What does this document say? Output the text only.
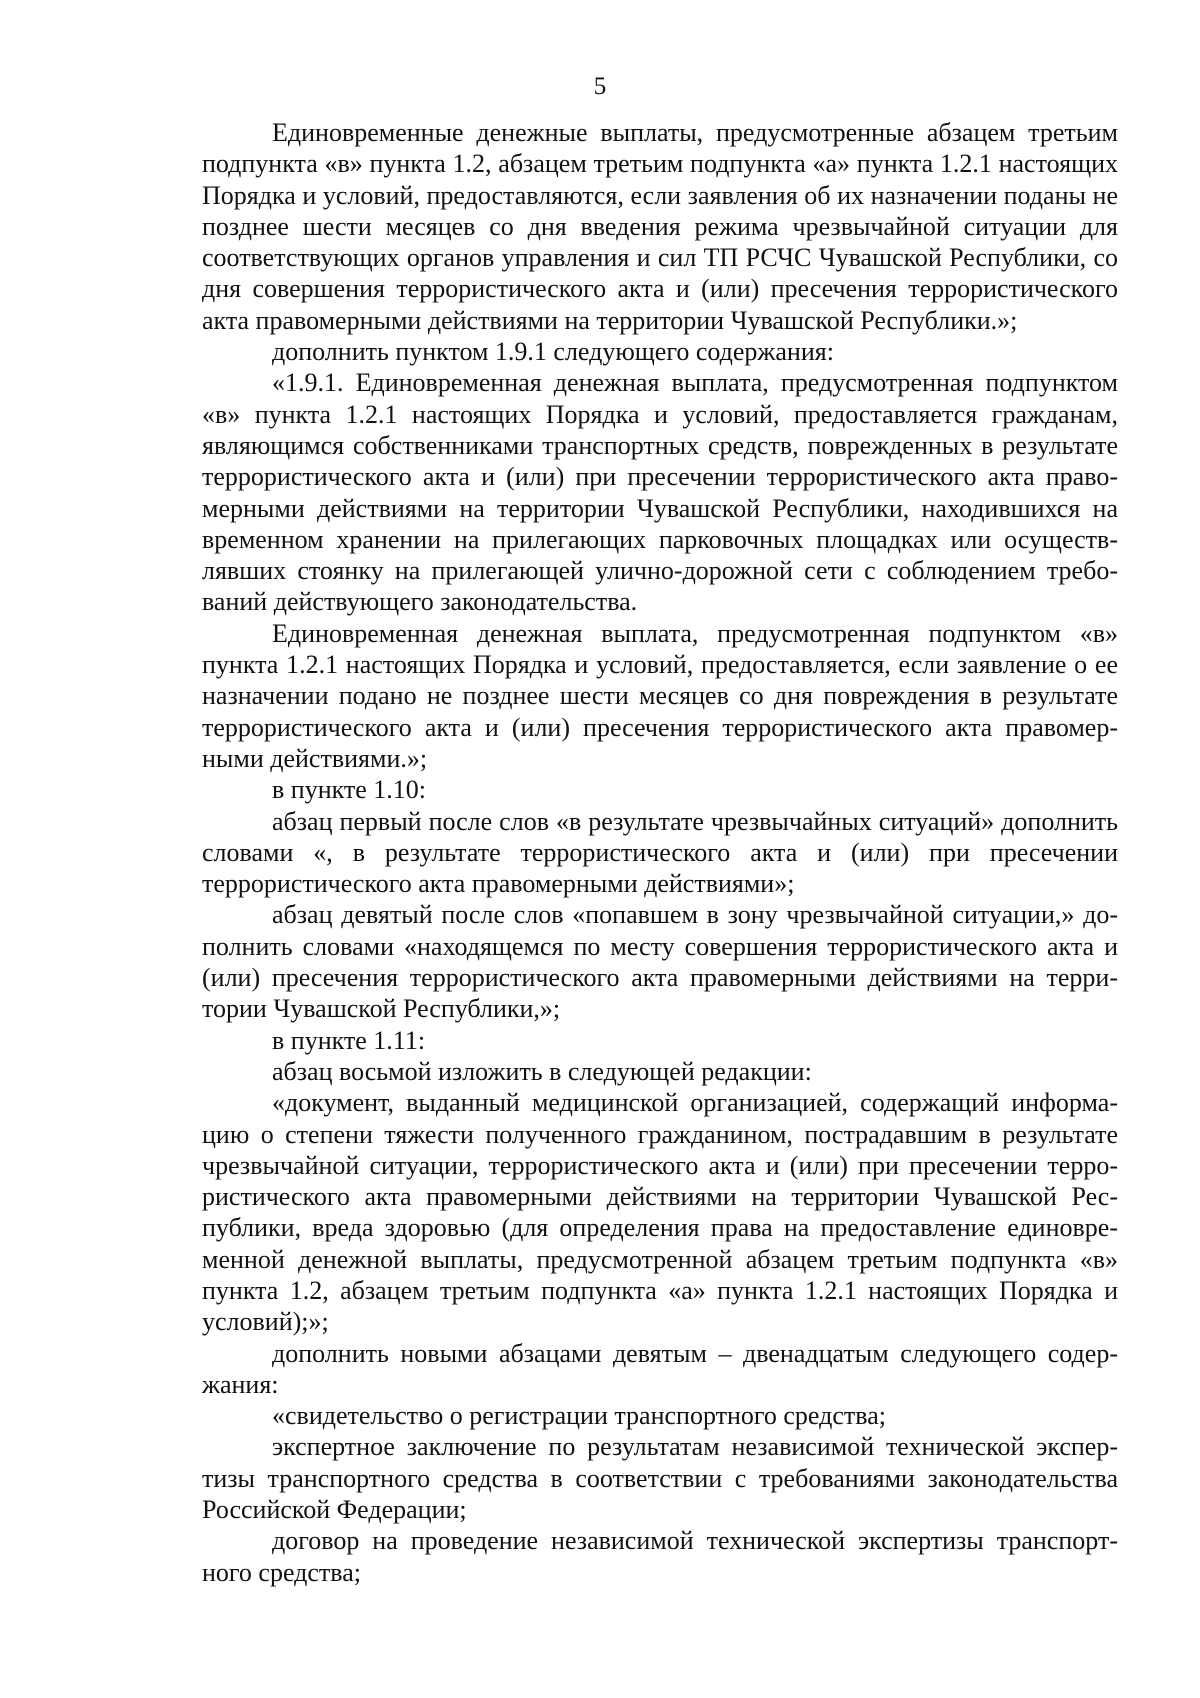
5

Единовременные денежные выплаты, предусмотренные абзацем третьим подпункта «в» пункта 1.2, абзацем третьим подпункта «а» пункта 1.2.1 настоящих Порядка и условий, предоставляются, если заявления об их назначении поданы не позднее шести месяцев со дня введения режима чрезвычайной ситуации для соответствующих органов управления и сил ТП РСЧС Чувашской Республики, со дня совершения террористического акта и (или) пресечения террористического акта правомерными действиями на территории Чувашской Республики.»;

дополнить пунктом 1.9.1 следующего содержания:

«1.9.1. Единовременная денежная выплата, предусмотренная подпунктом «в» пункта 1.2.1 настоящих Порядка и условий, предоставляется гражданам, являющимся собственниками транспортных средств, поврежденных в результате террористического акта и (или) при пресечении террористического акта правомерными действиями на территории Чувашской Республики, находившихся на временном хранении на прилегающих парковочных площадках или осуществлявших стоянку на прилегающей улично-дорожной сети с соблюдением требований действующего законодательства.

Единовременная денежная выплата, предусмотренная подпунктом «в» пункта 1.2.1 настоящих Порядка и условий, предоставляется, если заявление о ее назначении подано не позднее шести месяцев со дня повреждения в результате террористического акта и (или) пресечения террористического акта правомерными действиями.»;

в пункте 1.10:

абзац первый после слов «в результате чрезвычайных ситуаций» дополнить словами «, в результате террористического акта и (или) при пресечении террористического акта правомерными действиями»;

абзац девятый после слов «попавшем в зону чрезвычайной ситуации,» дополнить словами «находящемся по месту совершения террористического акта и (или) пресечения террористического акта правомерными действиями на территории Чувашской Республики,»;

в пункте 1.11:

абзац восьмой изложить в следующей редакции:

«документ, выданный медицинской организацией, содержащий информацию о степени тяжести полученного гражданином, пострадавшим в результате чрезвычайной ситуации, террористического акта и (или) при пресечении террористического акта правомерными действиями на территории Чувашской Республики, вреда здоровью (для определения права на предоставление единовременной денежной выплаты, предусмотренной абзацем третьим подпункта «в» пункта 1.2, абзацем третьим подпункта «а» пункта 1.2.1 настоящих Порядка и условий);»;

дополнить новыми абзацами девятым – двенадцатым следующего содержания:

«свидетельство о регистрации транспортного средства;

экспертное заключение по результатам независимой технической экспертизы транспортного средства в соответствии с требованиями законодательства Российской Федерации;

договор на проведение независимой технической экспертизы транспортного средства;
